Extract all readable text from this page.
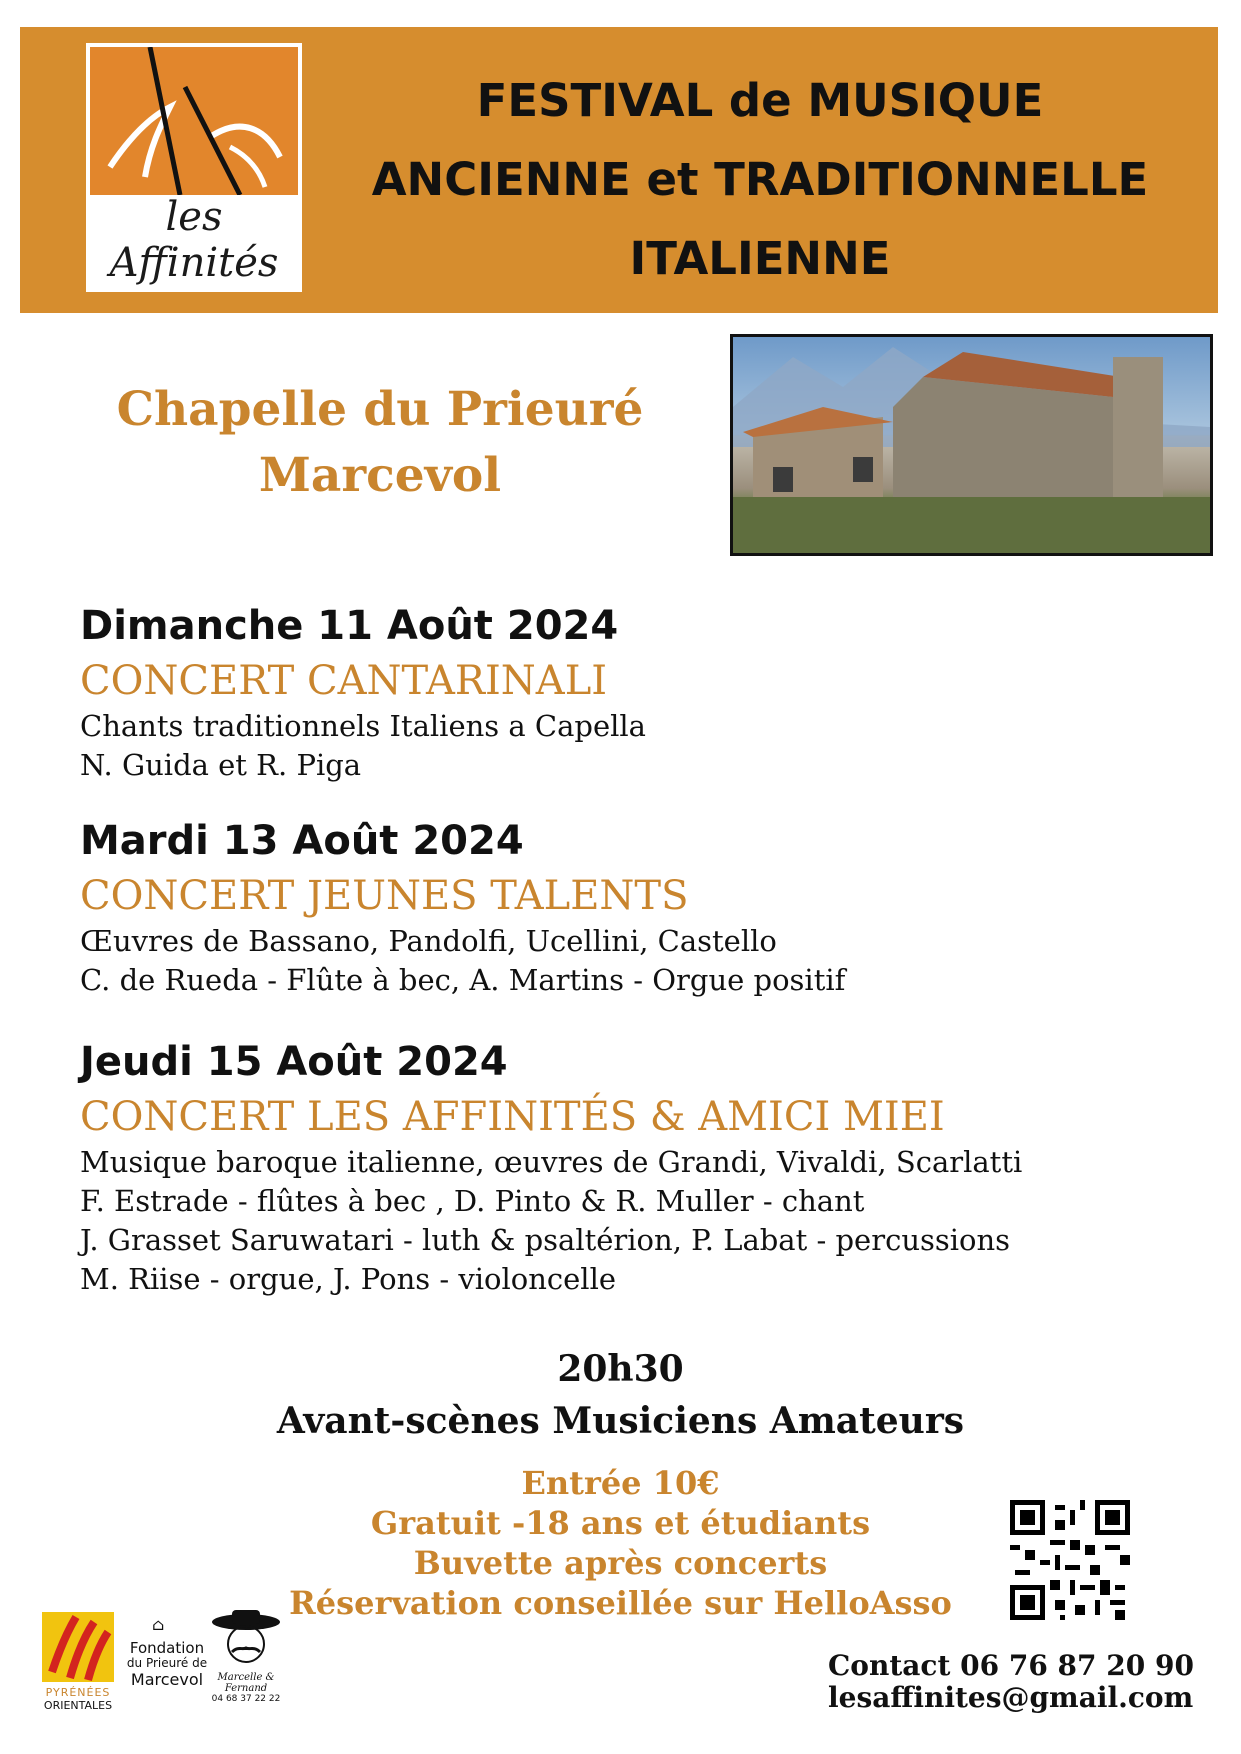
les Affinités
FESTIVAL de MUSIQUE
ANCIENNE et TRADITIONNELLE
ITALIENNE
Chapelle du Prieuré
Marcevol
Dimanche 11 Août 2024
CONCERT CANTARINALI
Chants traditionnels Italiens a Capella
N. Guida et R. Piga
Mardi 13 Août 2024
CONCERT JEUNES TALENTS
Œuvres de Bassano, Pandolfi, Ucellini, Castello
C. de Rueda - Flûte à bec, A. Martins - Orgue positif
Jeudi 15 Août 2024
CONCERT LES AFFINITÉS & AMICI MIEI
Musique baroque italienne, œuvres de Grandi, Vivaldi, Scarlatti
F. Estrade - flûtes à bec , D. Pinto & R. Muller - chant
J. Grasset Saruwatari - luth & psaltérion, P. Labat - percussions
M. Riise - orgue, J. Pons - violoncelle
20h30
Avant-scènes Musiciens Amateurs
Entrée 10€
Gratuit -18 ans et étudiants
Buvette après concerts
Réservation conseillée sur HelloAsso
Contact 06 76 87 20 90
lesaffinites@gmail.com
PYRÉNÉES
ORIENTALES
⌂
Fondation
du Prieuré de
Marcevol	Marcelle & Fernand
04 68 37 22 22
